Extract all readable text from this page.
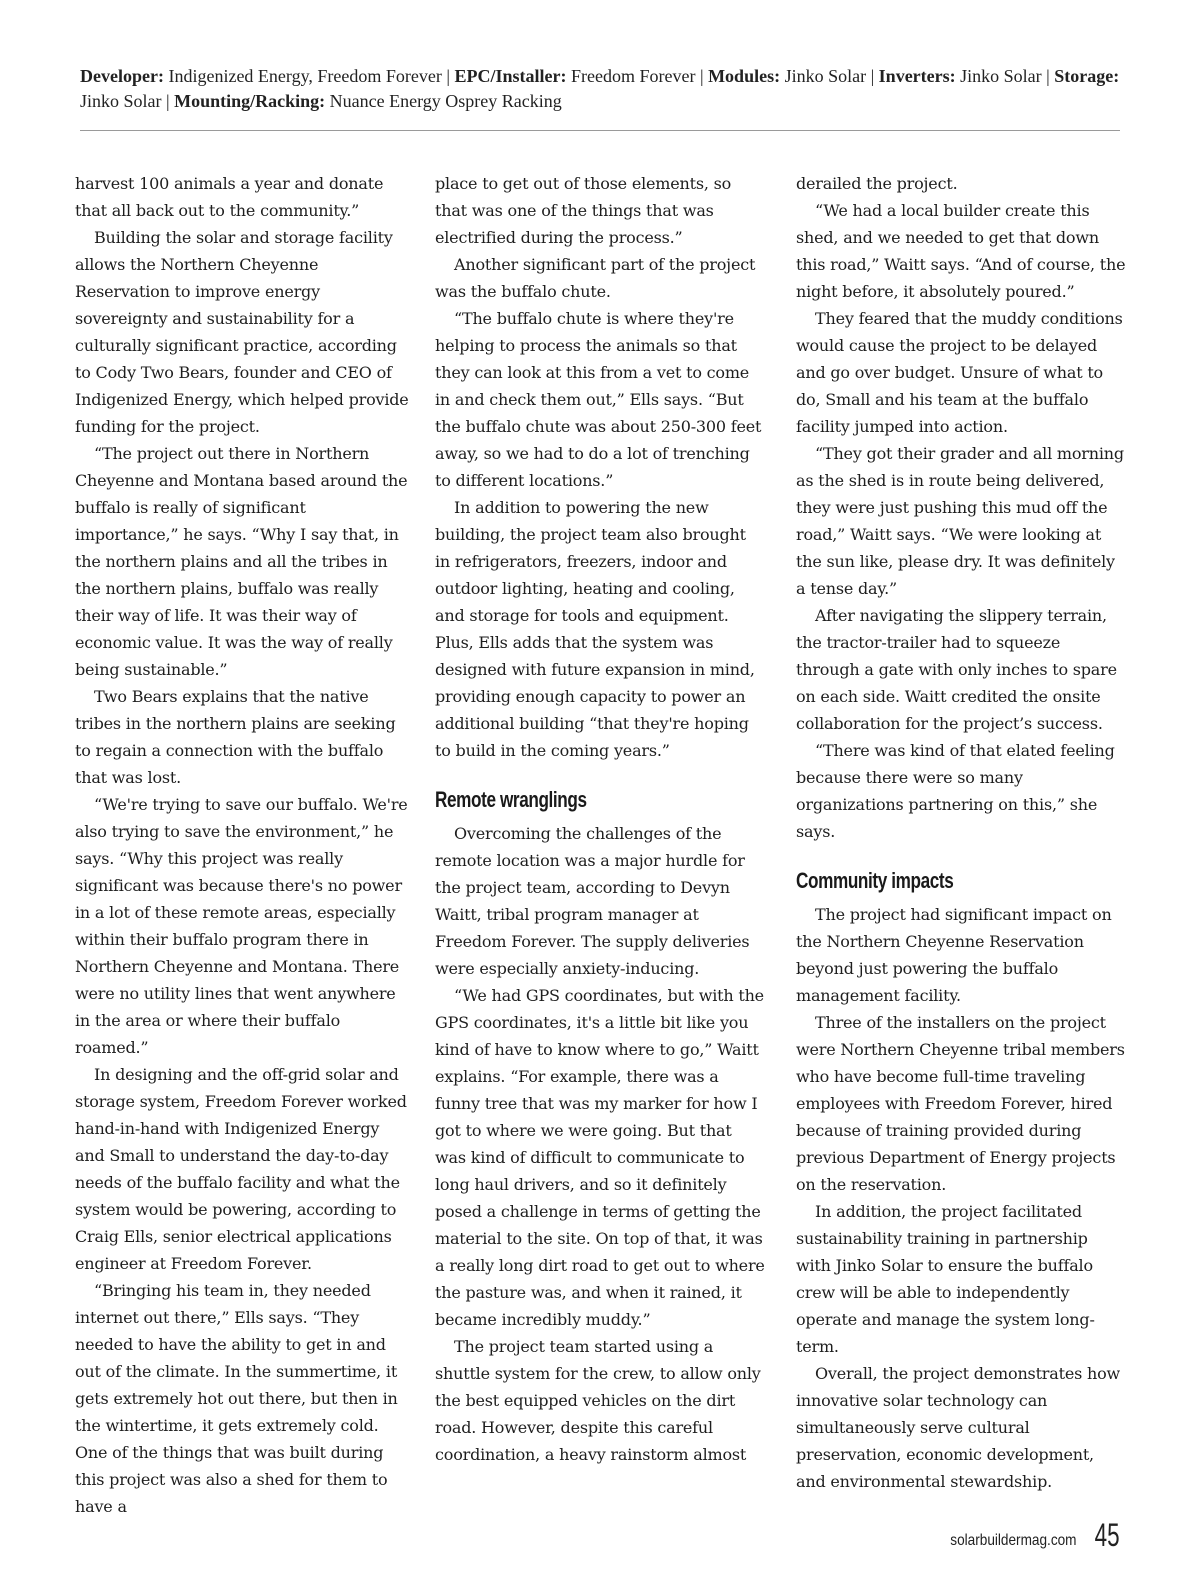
Developer: Indigenized Energy, Freedom Forever | EPC/Installer: Freedom Forever | Modules: Jinko Solar | Inverters: Jinko Solar | Storage: Jinko Solar | Mounting/Racking: Nuance Energy Osprey Racking

harvest 100 animals a year and donate that all back out to the community.”

Building the solar and storage facility allows the Northern Cheyenne Reservation to improve energy sovereignty and sustainability for a culturally significant practice, according to Cody Two Bears, founder and CEO of Indigenized Energy, which helped provide funding for the project.

“The project out there in Northern Cheyenne and Montana based around the buffalo is really of significant importance,” he says. “Why I say that, in the northern plains and all the tribes in the northern plains, buffalo was really their way of life. It was their way of economic value. It was the way of really being sustainable.”

Two Bears explains that the native tribes in the northern plains are seeking to regain a connection with the buffalo that was lost.

“We're trying to save our buffalo. We're also trying to save the environment,” he says. “Why this project was really significant was because there's no power in a lot of these remote areas, especially within their buffalo program there in Northern Cheyenne and Montana. There were no utility lines that went anywhere in the area or where their buffalo roamed.”

In designing and the off-grid solar and storage system, Freedom Forever worked hand-in-hand with Indigenized Energy and Small to understand the day-to-day needs of the buffalo facility and what the system would be powering, according to Craig Ells, senior electrical applications engineer at Freedom Forever.

“Bringing his team in, they needed internet out there,” Ells says. “They needed to have the ability to get in and out of the climate. In the summertime, it gets extremely hot out there, but then in the wintertime, it gets extremely cold. One of the things that was built during this project was also a shed for them to have a

place to get out of those elements, so that was one of the things that was electrified during the process.”

Another significant part of the project was the buffalo chute.

“The buffalo chute is where they're helping to process the animals so that they can look at this from a vet to come in and check them out,” Ells says. “But the buffalo chute was about 250-300 feet away, so we had to do a lot of trenching to different locations.”

In addition to powering the new building, the project team also brought in refrigerators, freezers, indoor and outdoor lighting, heating and cooling, and storage for tools and equipment. Plus, Ells adds that the system was designed with future expansion in mind, providing enough capacity to power an additional building “that they're hoping to build in the coming years.”

Remote wranglings

Overcoming the challenges of the remote location was a major hurdle for the project team, according to Devyn Waitt, tribal program manager at Freedom Forever. The supply deliveries were especially anxiety-inducing.

“We had GPS coordinates, but with the GPS coordinates, it's a little bit like you kind of have to know where to go,” Waitt explains. “For example, there was a funny tree that was my marker for how I got to where we were going. But that was kind of difficult to communicate to long haul drivers, and so it definitely posed a challenge in terms of getting the material to the site. On top of that, it was a really long dirt road to get out to where the pasture was, and when it rained, it became incredibly muddy.”

The project team started using a shuttle system for the crew, to allow only the best equipped vehicles on the dirt road. However, despite this careful coordination, a heavy rainstorm almost

derailed the project.

“We had a local builder create this shed, and we needed to get that down this road,” Waitt says. “And of course, the night before, it absolutely poured.”

They feared that the muddy conditions would cause the project to be delayed and go over budget. Unsure of what to do, Small and his team at the buffalo facility jumped into action.

“They got their grader and all morning as the shed is in route being delivered, they were just pushing this mud off the road,” Waitt says. “We were looking at the sun like, please dry. It was definitely a tense day.”

After navigating the slippery terrain, the tractor-trailer had to squeeze through a gate with only inches to spare on each side. Waitt credited the onsite collaboration for the project’s success.

“There was kind of that elated feeling because there were so many organizations partnering on this,” she says.

Community impacts

The project had significant impact on the Northern Cheyenne Reservation beyond just powering the buffalo management facility.

Three of the installers on the project were Northern Cheyenne tribal members who have become full-time traveling employees with Freedom Forever, hired because of training provided during previous Department of Energy projects on the reservation.

In addition, the project facilitated sustainability training in partnership with Jinko Solar to ensure the buffalo crew will be able to independently operate and manage the system long-term.

Overall, the project demonstrates how innovative solar technology can simultaneously serve cultural preservation, economic development, and environmental stewardship.

solarbuildermag.com 45
